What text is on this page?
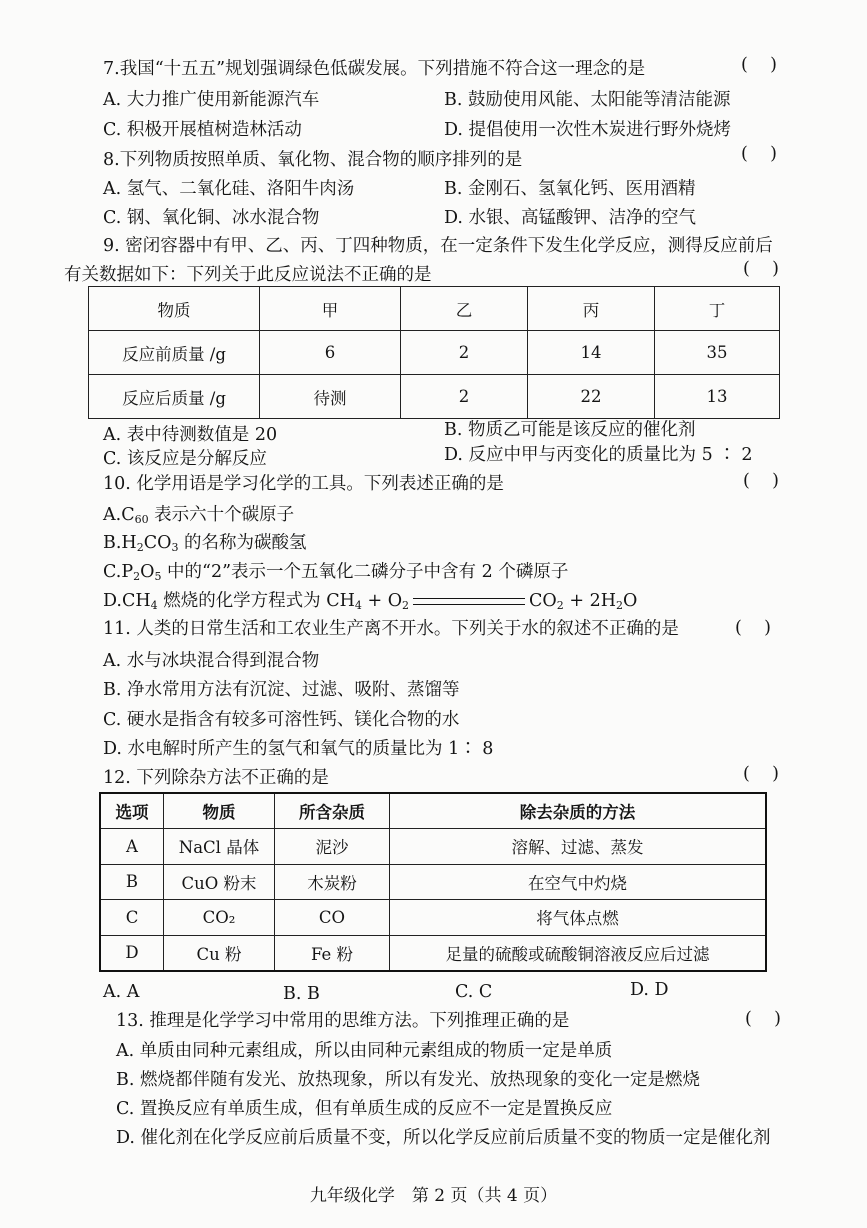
7.我国“十五五”规划强调绿色低碳发展。下列措施不符合这一理念的是	(    )
A. 大力推广使用新能源汽车	B. 鼓励使用风能、太阳能等清洁能源
C. 积极开展植树造林活动	D. 提倡使用一次性木炭进行野外烧烤
8.下列物质按照单质、氧化物、混合物的顺序排列的是	(    )
A. 氢气、二氧化硅、洛阳牛肉汤	B. 金刚石、氢氧化钙、医用酒精
C. 钢、氧化铜、冰水混合物	D. 水银、高锰酸钾、洁净的空气
9. 密闭容器中有甲、乙、丙、丁四种物质，在一定条件下发生化学反应，测得反应前后
有关数据如下：下列关于此反应说法不正确的是	(    )
物质	甲	乙	丙	丁
反应前质量 /g	6	2	14	35
反应后质量 /g	待测	2	22	13
A. 表中待测数值是 20	B. 物质乙可能是该反应的催化剂
C. 该反应是分解反应	D. 反应中甲与丙变化的质量比为 5 ∶ 2
10. 化学用语是学习化学的工具。下列表述正确的是	(    )
$A.C_{60}$ 表示六十个碳原子
$B.H_2CO_3$ 的名称为碳酸氢
$C.P_2O_5$ 中的“2”表示一个五氧化二磷分子中含有 2 个磷原子
$D.CH_4$ 燃烧的化学方程式为 $CH_4 + O_2$	$CO_2 + 2H_2O$
11. 人类的日常生活和工农业生产离不开水。下列关于水的叙述不正确的是	(    )
A. 水与冰块混合得到混合物
B. 净水常用方法有沉淀、过滤、吸附、蒸馏等
C. 硬水是指含有较多可溶性钙、镁化合物的水
D. 水电解时所产生的氢气和氧气的质量比为 1∶ 8
12. 下列除杂方法不正确的是	(    )
选项	物质	所含杂质	除去杂质的方法
A	NaCl 晶体	泥沙	溶解、过滤、蒸发
B	CuO 粉末	木炭粉	在空气中灼烧
C	CO₂	CO	将气体点燃
D	Cu 粉	Fe 粉	足量的硫酸或硫酸铜溶液反应后过滤
A. A	B. B	C. C	D. D
13. 推理是化学学习中常用的思维方法。下列推理正确的是	(    )
A. 单质由同种元素组成，所以由同种元素组成的物质一定是单质
B. 燃烧都伴随有发光、放热现象，所以有发光、放热现象的变化一定是燃烧
C. 置换反应有单质生成，但有单质生成的反应不一定是置换反应
D. 催化剂在化学反应前后质量不变，所以化学反应前后质量不变的物质一定是催化剂
九年级化学　第 2 页（共 4 页）
